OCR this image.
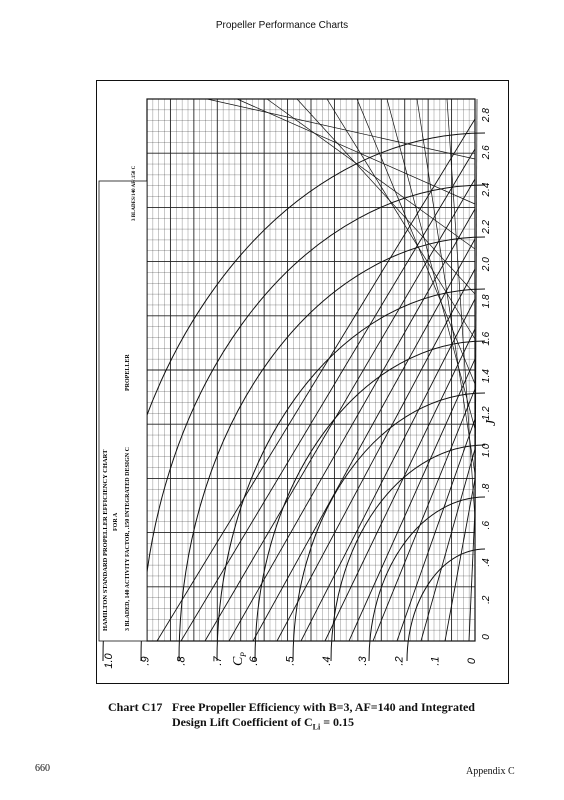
Propeller Performance Charts
HAMILTON STANDARD PROPELLER EFFICIENCY CHART FOR A 3 BLADED, 140 ACTIVITY FACTOR, .150 INTEGRATED DESIGN C
PROPELLER
3 BLADES/140 AF/.150 C
0
.2
.4
.6
.8
1.0
1.2
1.4
1.6
1.8
2.0
2.2
2.4
2.6
2.8
J
0
.1
.2
.3
.4
.5
.6
.7
.8
.9
1.0	C
P
Chart C17 Free Propeller Efficiency with B=3, AF=140 and Integrated
Design Lift Coefficient of $C_{Li} = 0.15$
660	Appendix C
